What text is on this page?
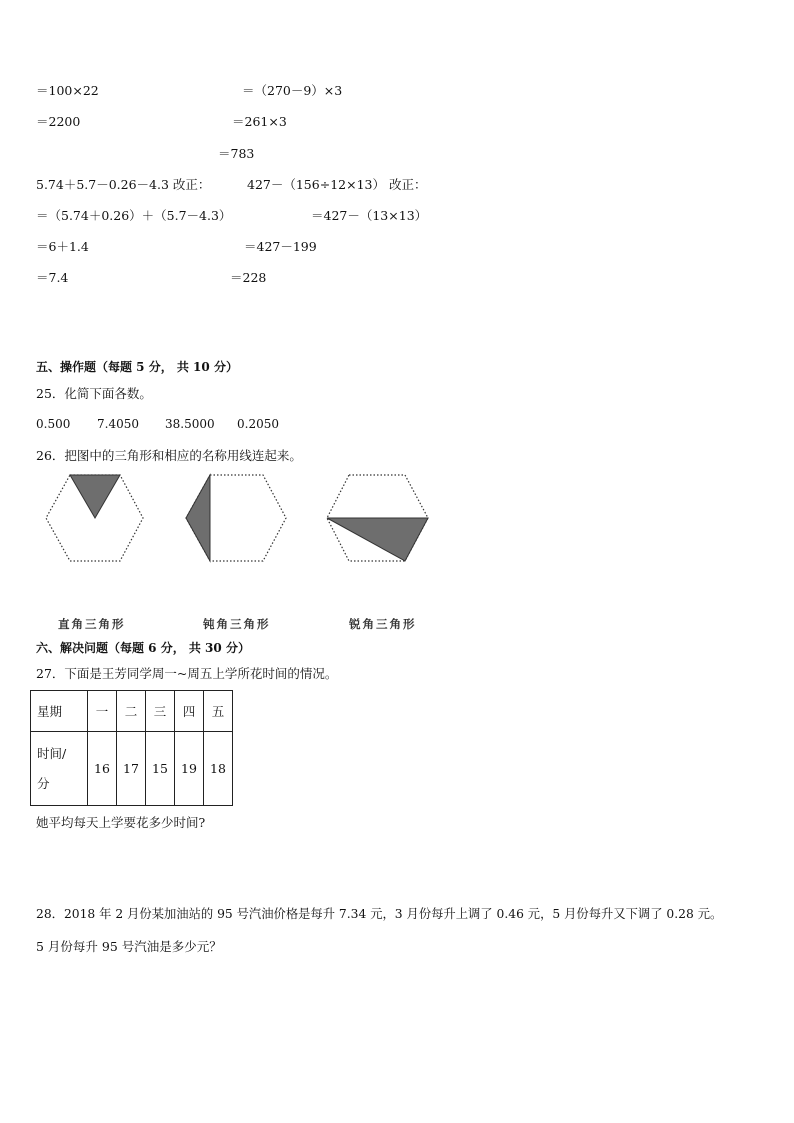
＝100×22	＝（270－9）×3
＝2200	＝261×3
＝783
5.74＋5.7－0.26－4.3 改正：	427－（156÷12×13） 改正：
＝（5.74＋0.26）＋（5.7－4.3）	＝427－（13×13）
＝6＋1.4	＝427－199
＝7.4	＝228
五、操作题（每题 5 分， 共 10 分）
25．化简下面各数。
0.500 7.4050 38.5000 0.2050
26．把图中的三角形和相应的名称用线连起来。
直角三角形	钝角三角形	锐角三角形
六、解决问题（每题 6 分， 共 30 分）
27．下面是王芳同学周一~周五上学所花时间的情况。
星期	一	二	三	四	五
时间/
分	16	17	15	19	18
她平均每天上学要花多少时间?
28．2018 年 2 月份某加油站的 95 号汽油价格是每升 7.34 元，3 月份每升上调了 0.46 元，5 月份每升又下调了 0.28 元。
5 月份每升 95 号汽油是多少元？
